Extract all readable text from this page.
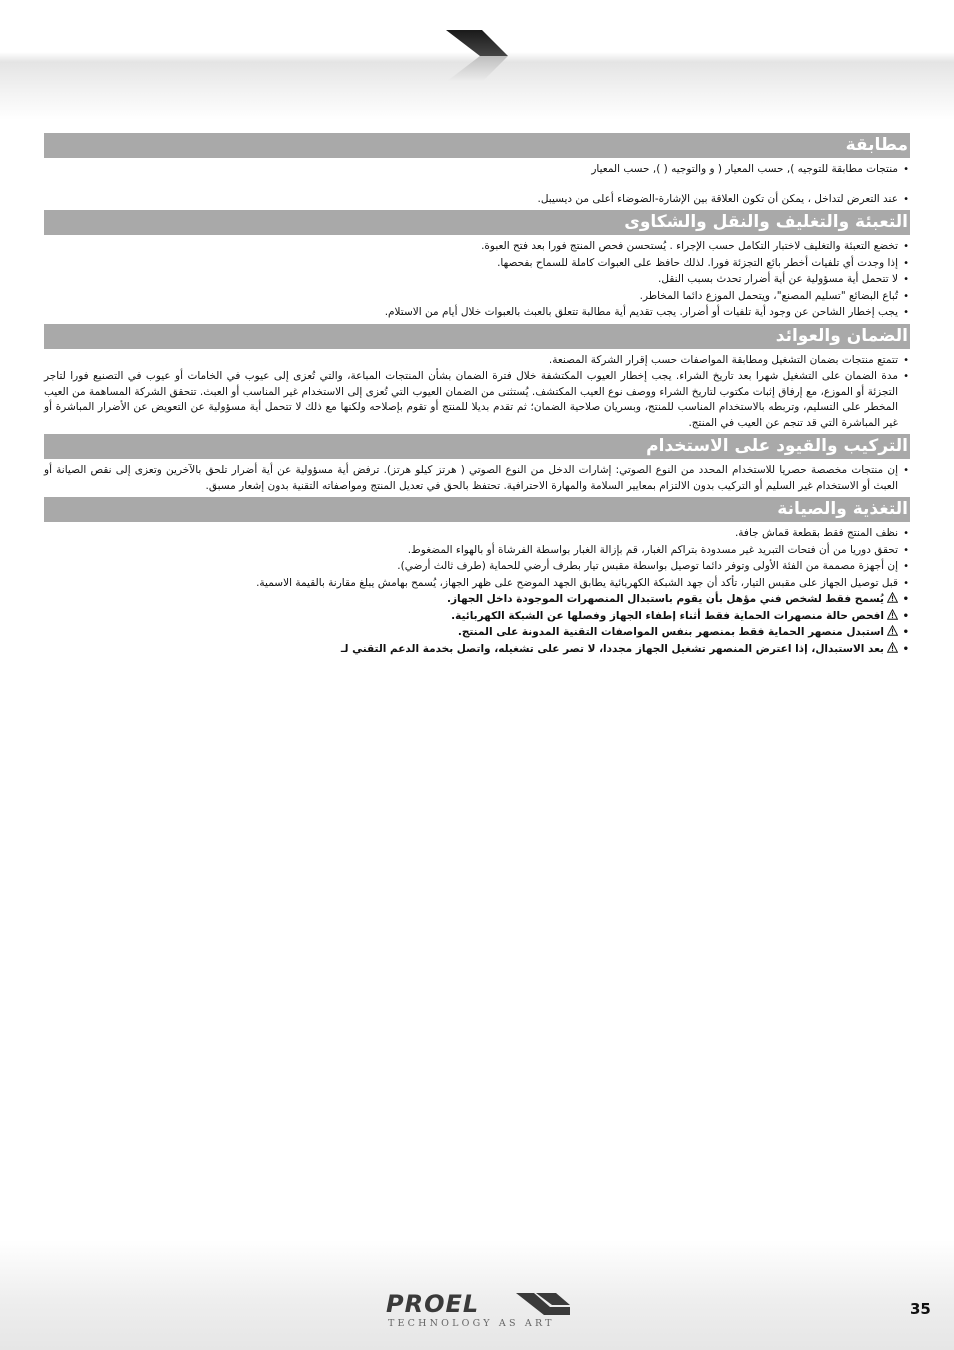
مطابقة
• منتجات مطابقة للتوجيه ), حسب المعيار ( و والتوجيه ( ), حسب المعيار
• عند التعرض لتداخل ، يمكن أن تكون العلاقة بين الإشارة-الضوضاء أعلى من ديسيبل.
التعبئة والتغليف والنقل والشكاوى
• تخضع التعبئة والتغليف لاختبار التكامل حسب الإجراء . يُستحسن فحص المنتج فورا بعد فتح العبوة.
• إذا وجدت أي تلفيات أخطر بائع التجزئة فورا. لذلك حافظ على العبوات كاملة للسماح بفحصها.
• لا تتحمل أية مسؤولية عن أية أضرار تحدث بسبب النقل.
• تُباع البضائع "تسليم المصنع"، ويتحمل الموزع دائما المخاطر.
• يجب إخطار الشاحن عن وجود أية تلفيات أو أضرار. يجب تقديم أية مطالبة تتعلق بالعبث بالعبوات خلال أيام من الاستلام.
الضمان والعوائد
• تتمتع منتجات بضمان التشغيل ومطابقة المواصفات حسب إقرار الشركة المصنعة.
• مدة الضمان على التشغيل شهرا بعد تاريخ الشراء. يجب إخطار العيوب المكتشفة خلال فترة الضمان بشأن المنتجات المباعة، والتي تُعزى إلى عيوب في الخامات أو عيوب في التصنيع فورا لتاجر التجزئة أو الموزع، مع إرفاق إثبات مكتوب لتاريخ الشراء ووصف نوع العيب المكتشف. يُستثنى من الضمان العيوب التي تُعزى إلى الاستخدام غير المناسب أو العبث. تتحقق الشركة المساهمة من العيب المخطر على التسليم، وتربطه بالاستخدام المناسب للمنتج، وبسريان صلاحية الضمان؛ ثم تقدم بديلا للمنتج أو تقوم بإصلاحه ولكنها مع ذلك لا تتحمل أية مسؤولية عن التعويض عن الأضرار المباشرة أو غير المباشرة التي قد تنجم عن العيب في المنتج.
التركيب والقيود على الاستخدام
• إن منتجات مخصصة حصريا للاستخدام المحدد من النوع الصوتي: إشارات الدخل من النوع الصوتي ( هرتز كيلو هرتز). ترفض أية مسؤولية عن أية أضرار تلحق بالآخرين وتعزى إلى نقص الصيانة أو العبث أو الاستخدام غير السليم أو التركيب بدون الالتزام بمعايير السلامة والمهارة الاحترافية. تحتفظ بالحق في تعديل المنتج ومواصفاته التقنية بدون إشعار مسبق.
التغذية والصيانة
• نظف المنتج فقط بقطعة قماش جافة.
• تحقق دوريا من أن فتحات التبريد غير مسدودة بتراكم الغبار، قم بإزالة الغبار بواسطة الفرشاة أو بالهواء المضغوط.
• إن أجهزة مصممة من الفئة الأولى وتوفر دائما توصيل بواسطة مقبس تيار بطرف أرضي للحماية (طرف ثالث أرضي).
• قبل توصيل الجهاز على مقبس التيار، تأكد أن جهد الشبكة الكهربائية يطابق الجهد الموضح على ظهر الجهاز، يُسمح بهامش يبلغ مقارنة بالقيمة الاسمية.
• يُسمح فقط لشخص فني مؤهل بأن يقوم باستبدال المنصهرات الموجودة داخل الجهاز.
• افحص حالة منصهرات الحماية فقط أثناء إطفاء الجهاز وفصلها عن الشبكة الكهربائية.
• استبدل منصهر الحماية فقط بمنصهر بنفس المواصفات التقنية المدونة على المنتج.
• بعد الاستبدال، إذا اعترض المنصهر تشغيل الجهاز مجددا، لا تصر على تشغيله، واتصل بخدمة الدعم التقني لـ
PROEL
TECHNOLOGY AS ART
35
